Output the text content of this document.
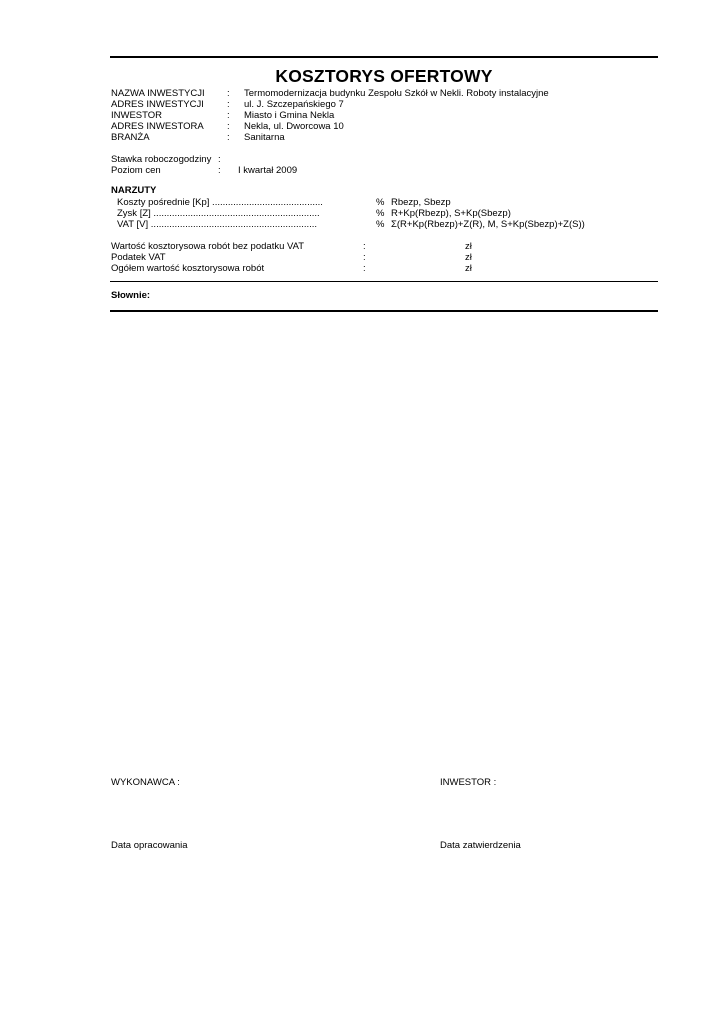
KOSZTORYS OFERTOWY
NAZWA INWESTYCJI : Termomodernizacja budynku Zespołu Szkół w Nekli. Roboty instalacyjne
ADRES INWESTYCJI : ul. J. Szczepańskiego 7
INWESTOR	: Miasto i Gmina Nekla
ADRES INWESTORA : Nekla, ul. Dworcowa 10
BRANŻA	: Sanitarna
Stawka roboczogodziny :
Poziom cen	: I kwartał 2009
NARZUTY
Koszty pośrednie [Kp] ..........................................	% Rbezp, Sbezp
Zysk [Z] ...............................................................	% R+Kp(Rbezp), S+Kp(Sbezp)
VAT [V] ...............................................................	% Σ(R+Kp(Rbezp)+Z(R), M, S+Kp(Sbezp)+Z(S))
Wartość kosztorysowa robót bez podatku VAT	:	zł
Podatek VAT	:	zł
Ogółem wartość kosztorysowa robót	:	zł
Słownie:
WYKONAWCA :	INWESTOR :
Data opracowania	Data zatwierdzenia
